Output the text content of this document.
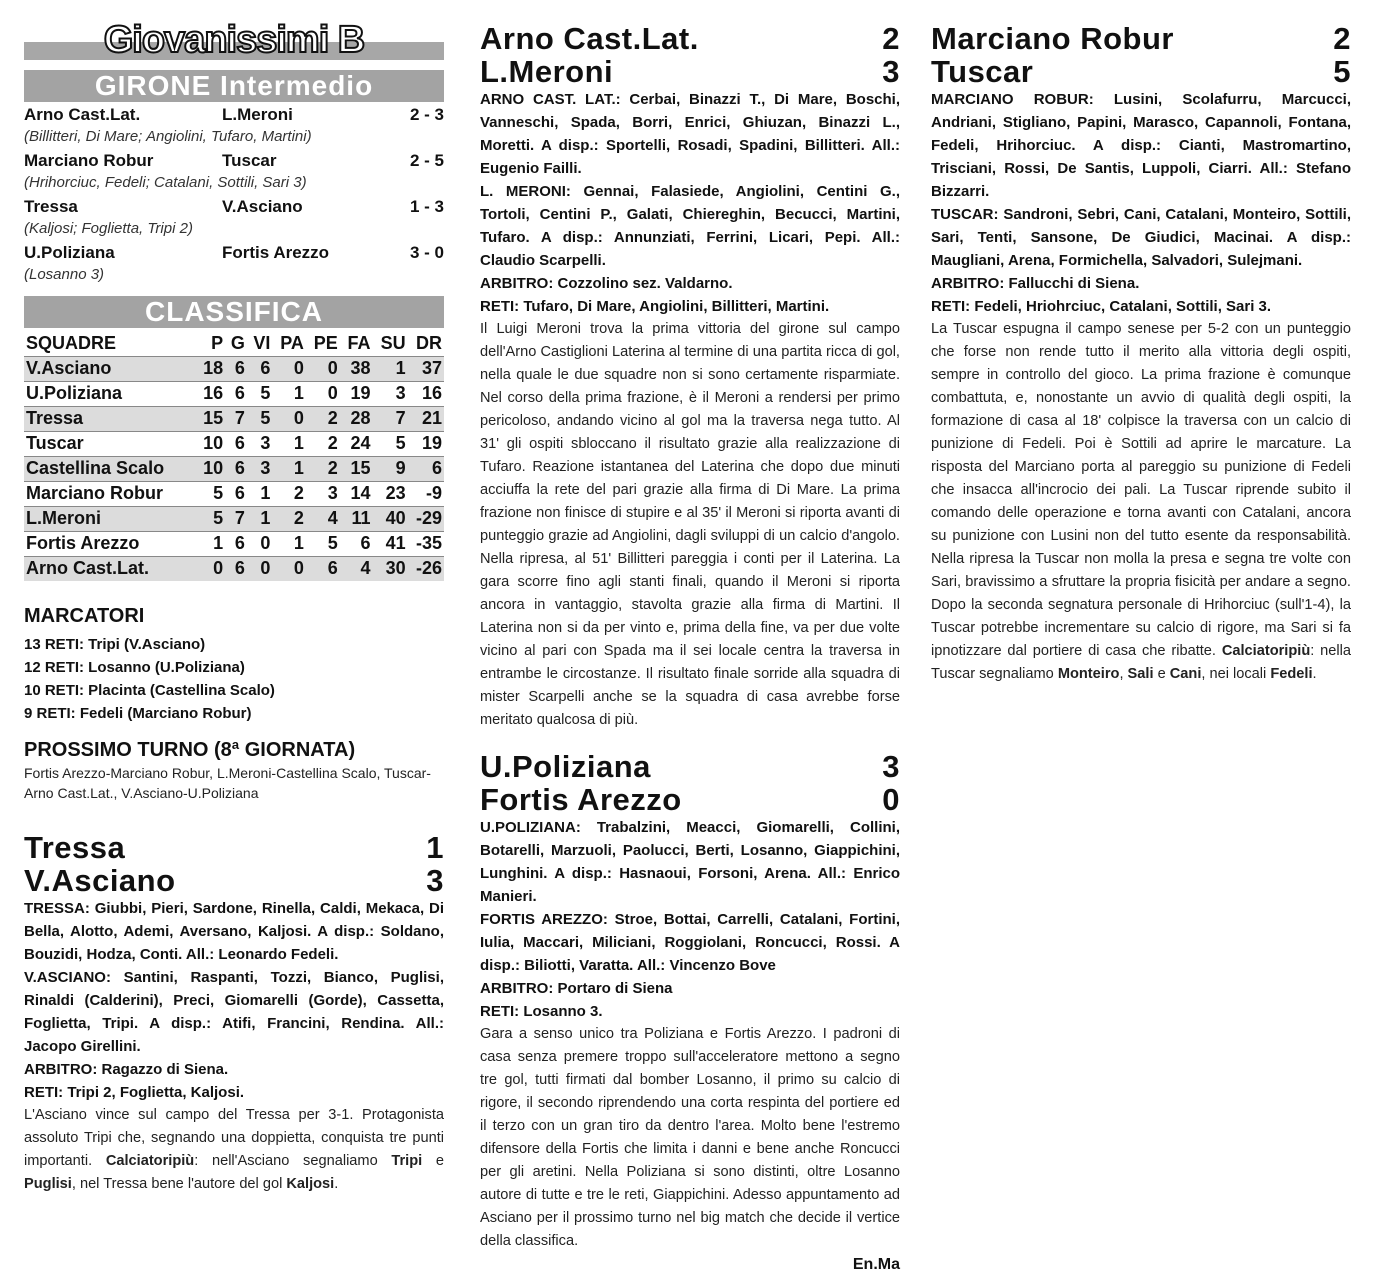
Giovanissimi B
GIRONE Intermedio
Arno Cast.Lat.	L.Meroni	2 - 3
(Billitteri, Di Mare; Angiolini, Tufaro, Martini)
Marciano Robur	Tuscar	2 - 5
(Hrihorciuc, Fedeli; Catalani, Sottili, Sari 3)
Tressa	V.Asciano	1 - 3
(Kaljosi; Foglietta, Tripi 2)
U.Poliziana	Fortis Arezzo	3 - 0
(Losanno 3)
CLASSIFICA
SQUADRE	P	G	VI	PA	PE	FA	SU	DR
V.Asciano	18	6	6	0	0	38	1	37
U.Poliziana	16	6	5	1	0	19	3	16
Tressa	15	7	5	0	2	28	7	21
Tuscar	10	6	3	1	2	24	5	19
Castellina Scalo	10	6	3	1	2	15	9	6
Marciano Robur	5	6	1	2	3	14	23	-9
L.Meroni	5	7	1	2	4	11	40	-29
Fortis Arezzo	1	6	0	1	5	6	41	-35
Arno Cast.Lat.	0	6	0	0	6	4	30	-26
MARCATORI
13 RETI: Tripi (V.Asciano)
12 RETI: Losanno (U.Poliziana)
10 RETI: Placinta (Castellina Scalo)
9 RETI: Fedeli (Marciano Robur)
PROSSIMO TURNO (8ª GIORNATA)
Fortis Arezzo-Marciano Robur, L.Meroni-Castellina Scalo, Tuscar-Arno Cast.Lat., V.Asciano-U.Poliziana
Tressa	1
V.Asciano	3
TRESSA: Giubbi, Pieri, Sardone, Rinella, Caldi, Mekaca, Di Bella, Alotto, Ademi, Aversano, Kaljosi. A disp.: Soldano, Bouzidi, Hodza, Conti. All.: Leonardo Fedeli.
V.ASCIANO: Santini, Raspanti, Tozzi, Bianco, Puglisi, Rinaldi (Calderini), Preci, Giomarelli (Gorde), Cassetta, Foglietta, Tripi. A disp.: Atifi, Francini, Rendina. All.: Jacopo Girellini.
ARBITRO: Ragazzo di Siena.
RETI: Tripi 2, Foglietta, Kaljosi.
L'Asciano vince sul campo del Tressa per 3-1. Protagonista assoluto Tripi che, segnando una doppietta, conquista tre punti importanti. Calciatoripiù: nell'Asciano segnaliamo Tripi e Puglisi, nel Tressa bene l'autore del gol Kaljosi.
Arno Cast.Lat.	2
L.Meroni	3
ARNO CAST. LAT.: Cerbai, Binazzi T., Di Mare, Boschi, Vanneschi, Spada, Borri, Enrici, Ghiuzan, Binazzi L., Moretti. A disp.: Sportelli, Rosadi, Spadini, Billitteri. All.: Eugenio Failli.
L. MERONI: Gennai, Falasiede, Angiolini, Centini G., Tortoli, Centini P., Galati, Chiereghin, Becucci, Martini, Tufaro. A disp.: Annunziati, Ferrini, Licari, Pepi. All.: Claudio Scarpelli.
ARBITRO: Cozzolino sez. Valdarno.
RETI: Tufaro, Di Mare, Angiolini, Billitteri, Martini.
Il Luigi Meroni trova la prima vittoria del girone sul campo dell'Arno Castiglioni Laterina al termine di una partita ricca di gol, nella quale le due squadre non si sono certamente risparmiate. Nel corso della prima frazione, è il Meroni a rendersi per primo pericoloso, andando vicino al gol ma la traversa nega tutto. Al 31' gli ospiti sbloccano il risultato grazie alla realizzazione di Tufaro. Reazione istantanea del Laterina che dopo due minuti acciuffa la rete del pari grazie alla firma di Di Mare. La prima frazione non finisce di stupire e al 35' il Meroni si riporta avanti di punteggio grazie ad Angiolini, dagli sviluppi di un calcio d'angolo. Nella ripresa, al 51' Billitteri pareggia i conti per il Laterina. La gara scorre fino agli stanti finali, quando il Meroni si riporta ancora in vantaggio, stavolta grazie alla firma di Martini. Il Laterina non si da per vinto e, prima della fine, va per due volte vicino al pari con Spada ma il sei locale centra la traversa in entrambe le circostanze. Il risultato finale sorride alla squadra di mister Scarpelli anche se la squadra di casa avrebbe forse meritato qualcosa di più.
U.Poliziana	3
Fortis Arezzo	0
U.POLIZIANA: Trabalzini, Meacci, Giomarelli, Collini, Botarelli, Marzuoli, Paolucci, Berti, Losanno, Giappichini, Lunghini. A disp.: Hasnaoui, Forsoni, Arena. All.: Enrico Manieri.
FORTIS AREZZO: Stroe, Bottai, Carrelli, Catalani, Fortini, Iulia, Maccari, Miliciani, Roggiolani, Roncucci, Rossi. A disp.: Biliotti, Varatta. All.: Vincenzo Bove
ARBITRO: Portaro di Siena
RETI: Losanno 3.
Gara a senso unico tra Poliziana e Fortis Arezzo. I padroni di casa senza premere troppo sull'acceleratore mettono a segno tre gol, tutti firmati dal bomber Losanno, il primo su calcio di rigore, il secondo riprendendo una corta respinta del portiere ed il terzo con un gran tiro da dentro l'area. Molto bene l'estremo difensore della Fortis che limita i danni e bene anche Roncucci per gli aretini. Nella Poliziana si sono distinti, oltre Losanno autore di tutte e tre le reti, Giappichini. Adesso appuntamento ad Asciano per il prossimo turno nel big match che decide il vertice della classifica.
En.Ma
Marciano Robur	2
Tuscar	5
MARCIANO ROBUR: Lusini, Scolafurru, Marcucci, Andriani, Stigliano, Papini, Marasco, Capannoli, Fontana, Fedeli, Hrihorciuc. A disp.: Cianti, Mastromartino, Trisciani, Rossi, De Santis, Luppoli, Ciarri. All.: Stefano Bizzarri.
TUSCAR: Sandroni, Sebri, Cani, Catalani, Monteiro, Sottili, Sari, Tenti, Sansone, De Giudici, Macinai. A disp.: Maugliani, Arena, Formichella, Salvadori, Sulejmani.
ARBITRO: Fallucchi di Siena.
RETI: Fedeli, Hriohrciuc, Catalani, Sottili, Sari 3.
La Tuscar espugna il campo senese per 5-2 con un punteggio che forse non rende tutto il merito alla vittoria degli ospiti, sempre in controllo del gioco. La prima frazione è comunque combattuta, e, nonostante un avvio di qualità degli ospiti, la formazione di casa al 18' colpisce la traversa con un calcio di punizione di Fedeli. Poi è Sottili ad aprire le marcature. La risposta del Marciano porta al pareggio su punizione di Fedeli che insacca all'incrocio dei pali. La Tuscar riprende subito il comando delle operazione e torna avanti con Catalani, ancora su punizione con Lusini non del tutto esente da responsabilità. Nella ripresa la Tuscar non molla la presa e segna tre volte con Sari, bravissimo a sfruttare la propria fisicità per andare a segno. Dopo la seconda segnatura personale di Hrihorciuc (sull'1-4), la Tuscar potrebbe incrementare su calcio di rigore, ma Sari si fa ipnotizzare dal portiere di casa che ribatte. Calciatoripiù: nella Tuscar segnaliamo Monteiro, Sali e Cani, nei locali Fedeli.
